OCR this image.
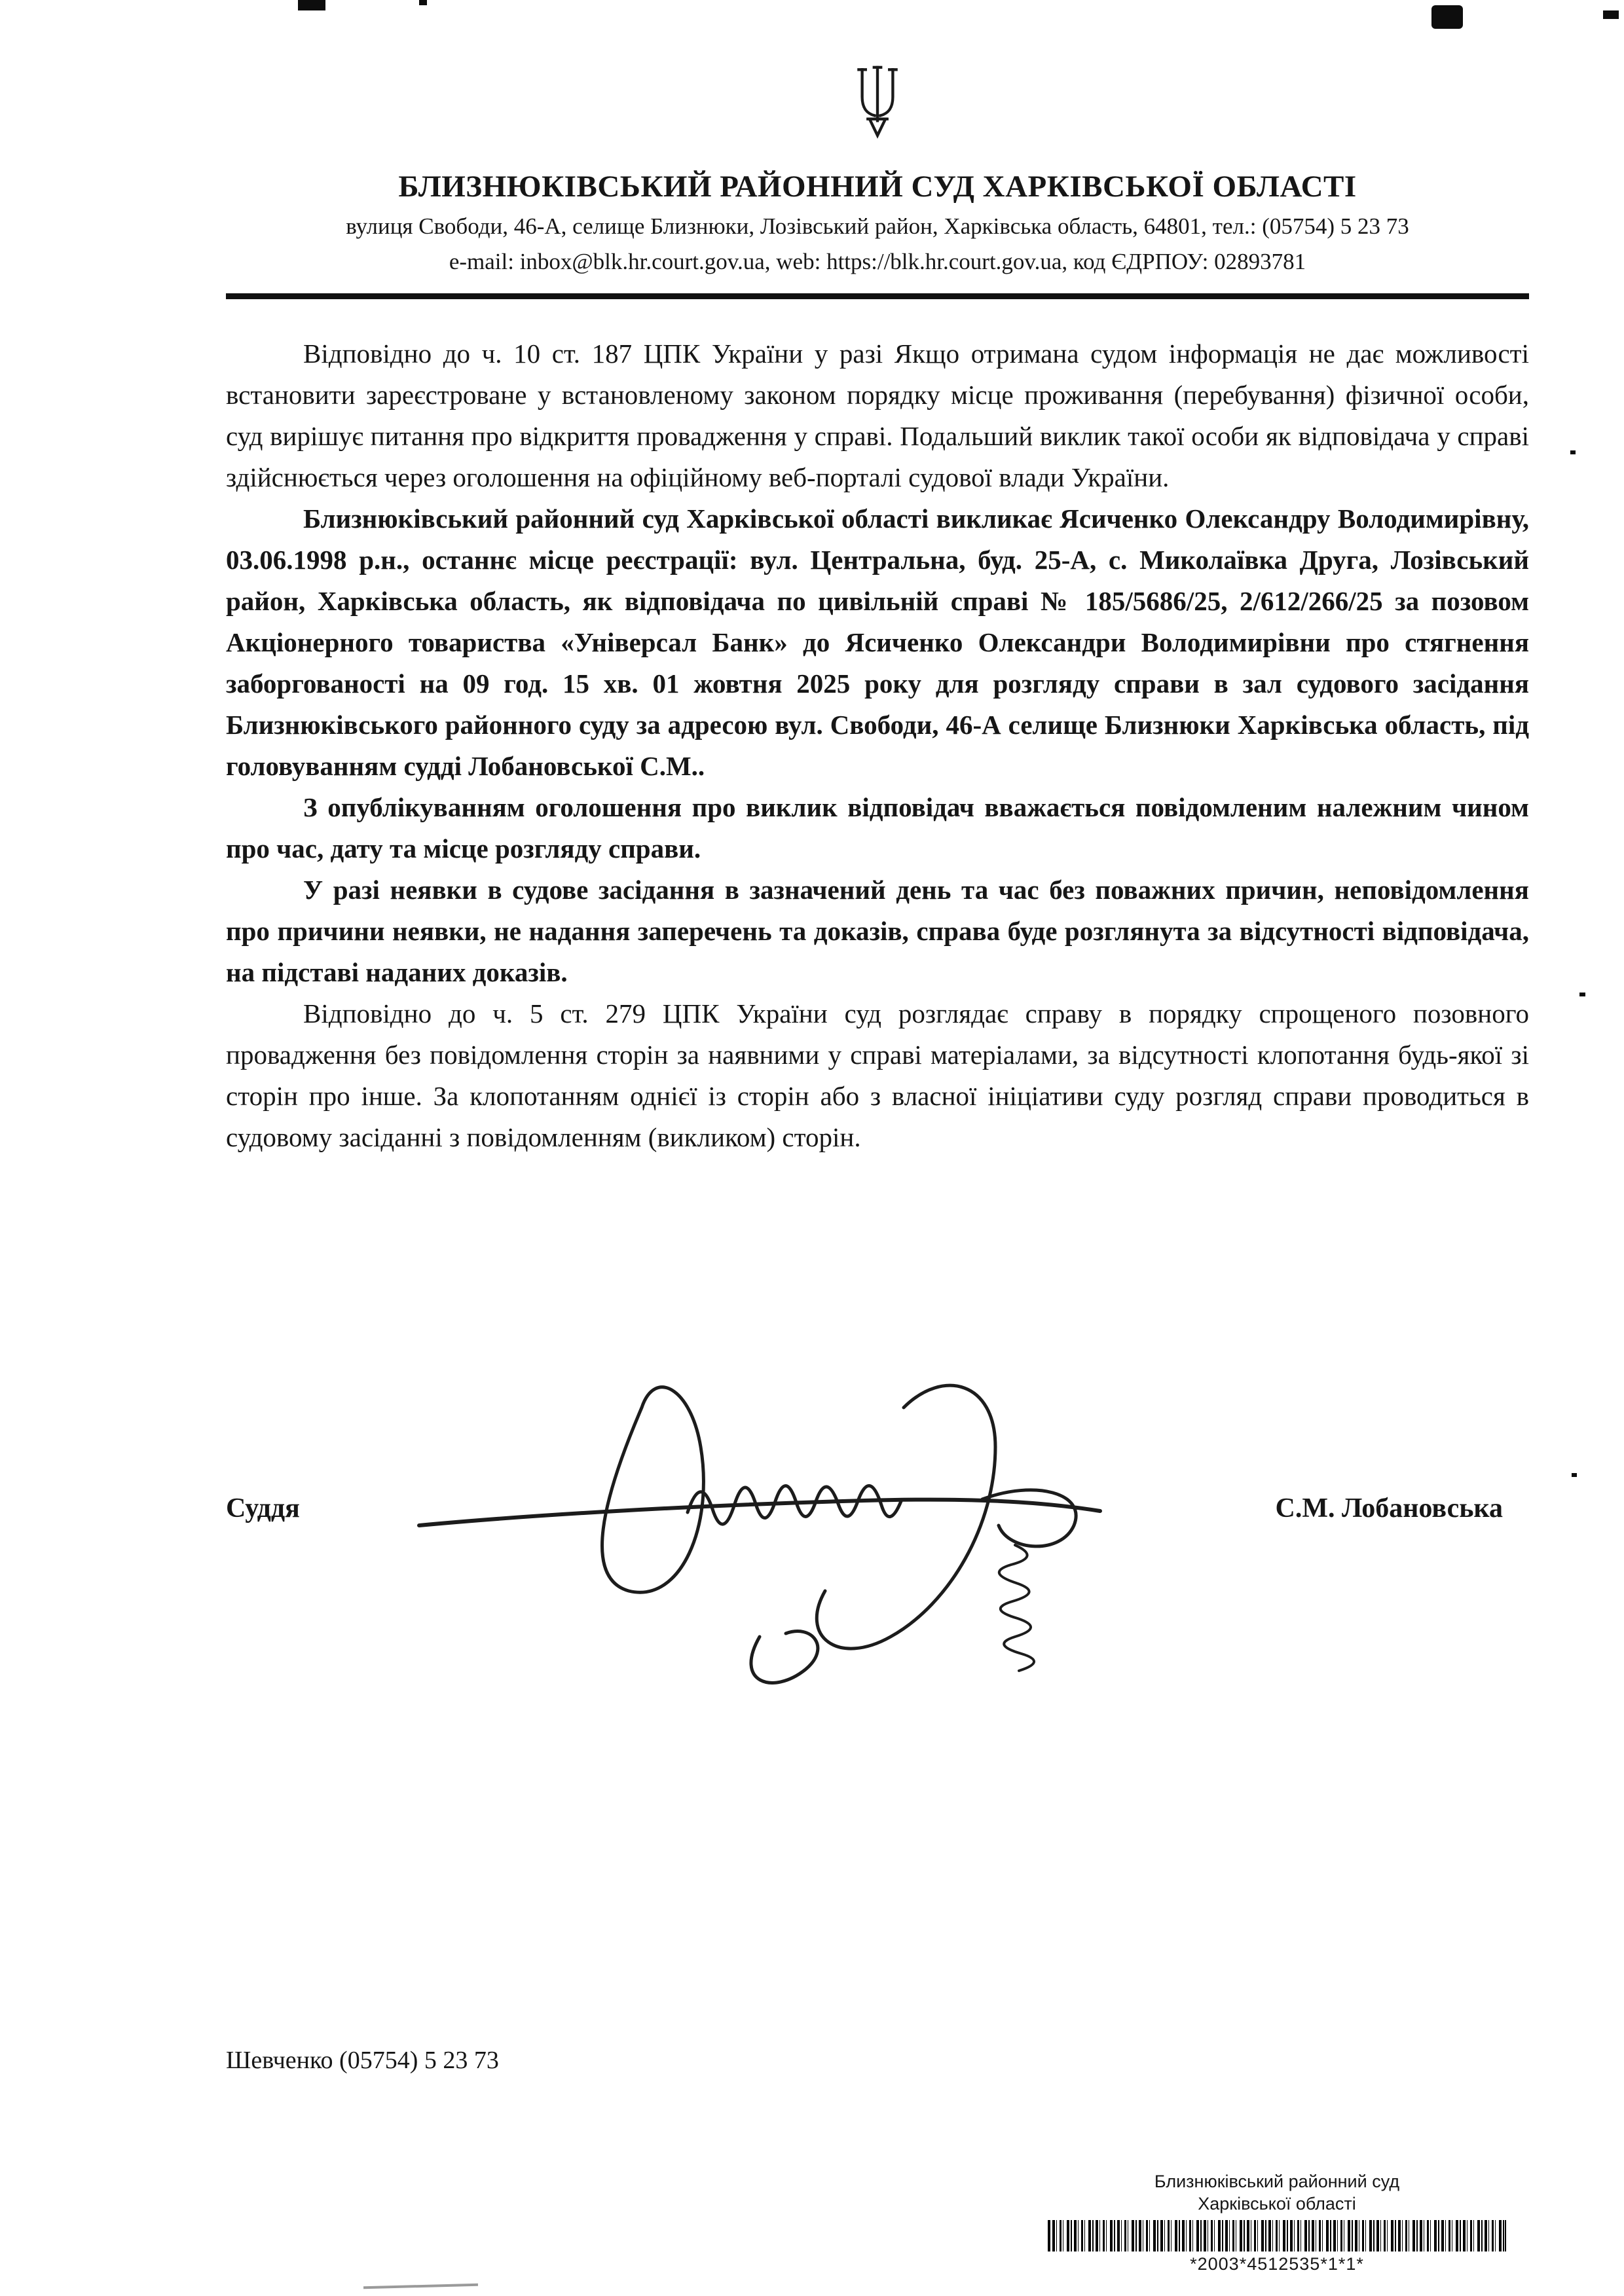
БЛИЗНЮКІВСЬКИЙ РАЙОННИЙ СУД ХАРКІВСЬКОЇ ОБЛАСТІ
вулиця Свободи, 46-А, селище Близнюки, Лозівський район, Харківська область, 64801, тел.: (05754) 5 23 73
e-mail: inbox@blk.hr.court.gov.ua, web: https://blk.hr.court.gov.ua, код ЄДРПОУ: 02893781

Відповідно до ч. 10 ст. 187 ЦПК України у разі Якщо отримана судом інформація не дає можливості встановити зареєстроване у встановленому законом порядку місце проживання (перебування) фізичної особи, суд вирішує питання про відкриття провадження у справі. Подальший виклик такої особи як відповідача у справі здійснюється через оголошення на офіційному веб-порталі судової влади України.

Близнюківський районний суд Харківської області викликає Ясиченко Олександру Володимирівну, 03.06.1998 р.н., останнє місце реєстрації: вул. Центральна, буд. 25-А, с. Миколаївка Друга, Лозівський район, Харківська область, як відповідача по цивільній справі № 185/5686/25, 2/612/266/25 за позовом Акціонерного товариства «Універсал Банк» до Ясиченко Олександри Володимирівни про стягнення заборгованості на 09 год. 15 хв. 01 жовтня 2025 року для розгляду справи в зал судового засідання Близнюківського районного суду за адресою вул. Свободи, 46-А селище Близнюки Харківська область, під головуванням судді Лобановської С.М..

З опублікуванням оголошення про виклик відповідач вважається повідомленим належним чином про час, дату та місце розгляду справи.

У разі неявки в судове засідання в зазначений день та час без поважних причин, неповідомлення про причини неявки, не надання заперечень та доказів, справа буде розглянута за відсутності відповідача, на підставі наданих доказів.

Відповідно до ч. 5 ст. 279 ЦПК України суд розглядає справу в порядку спрощеного позовного провадження без повідомлення сторін за наявними у справі матеріалами, за відсутності клопотання будь-якої зі сторін про інше. За клопотанням однієї із сторін або з власної ініціативи суду розгляд справи проводиться в судовому засіданні з повідомленням (викликом) сторін.

Суддя	С.М. Лобановська
Шевченко (05754) 5 23 73
Близнюківський районний суд
Харківської області
*2003*4512535*1*1*
